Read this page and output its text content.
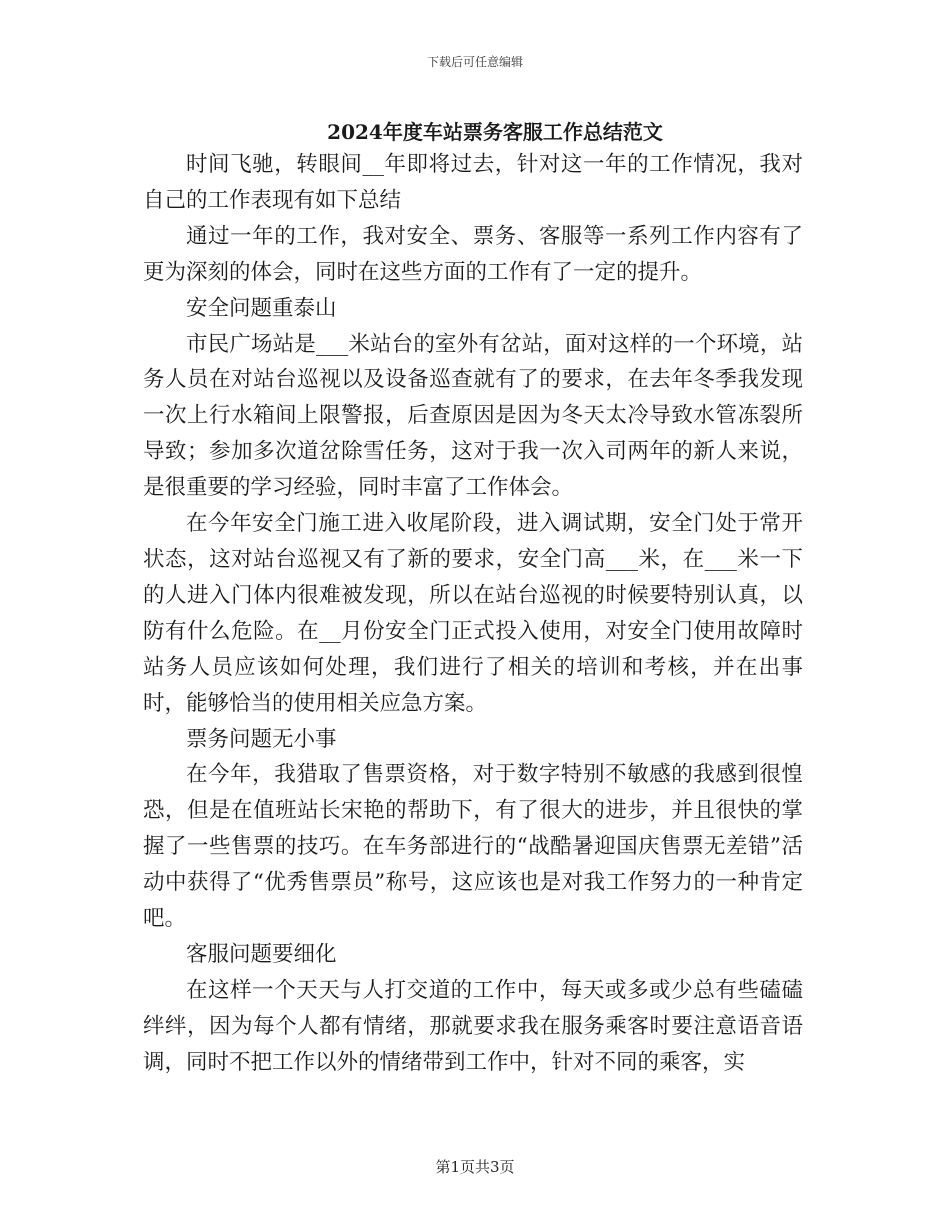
下载后可任意编辑
2024年度车站票务客服工作总结范文

时间飞驰，转眼间__年即将过去，针对这一年的工作情况，我对自己的工作表现有如下总结

通过一年的工作，我对安全、票务、客服等一系列工作内容有了更为深刻的体会，同时在这些方面的工作有了一定的提升。

安全问题重泰山

市民广场站是___米站台的室外有岔站，面对这样的一个环境，站务人员在对站台巡视以及设备巡查就有了的要求，在去年冬季我发现一次上行水箱间上限警报，后查原因是因为冬天太冷导致水管冻裂所导致；参加多次道岔除雪任务，这对于我一次入司两年的新人来说，是很重要的学习经验，同时丰富了工作体会。

在今年安全门施工进入收尾阶段，进入调试期，安全门处于常开状态，这对站台巡视又有了新的要求，安全门高___米，在___米一下的人进入门体内很难被发现，所以在站台巡视的时候要特别认真，以防有什么危险。在__月份安全门正式投入使用，对安全门使用故障时站务人员应该如何处理，我们进行了相关的培训和考核，并在出事时，能够恰当的使用相关应急方案。

票务问题无小事

在今年，我猎取了售票资格，对于数字特别不敏感的我感到很惶恐，但是在值班站长宋艳的帮助下，有了很大的进步，并且很快的掌握了一些售票的技巧。在车务部进行的“战酷暑迎国庆售票无差错”活动中获得了“优秀售票员”称号，这应该也是对我工作努力的一种肯定吧。

客服问题要细化

在这样一个天天与人打交道的工作中，每天或多或少总有些磕磕绊绊，因为每个人都有情绪，那就要求我在服务乘客时要注意语音语调，同时不把工作以外的情绪带到工作中，针对不同的乘客，实

第1页共3页
